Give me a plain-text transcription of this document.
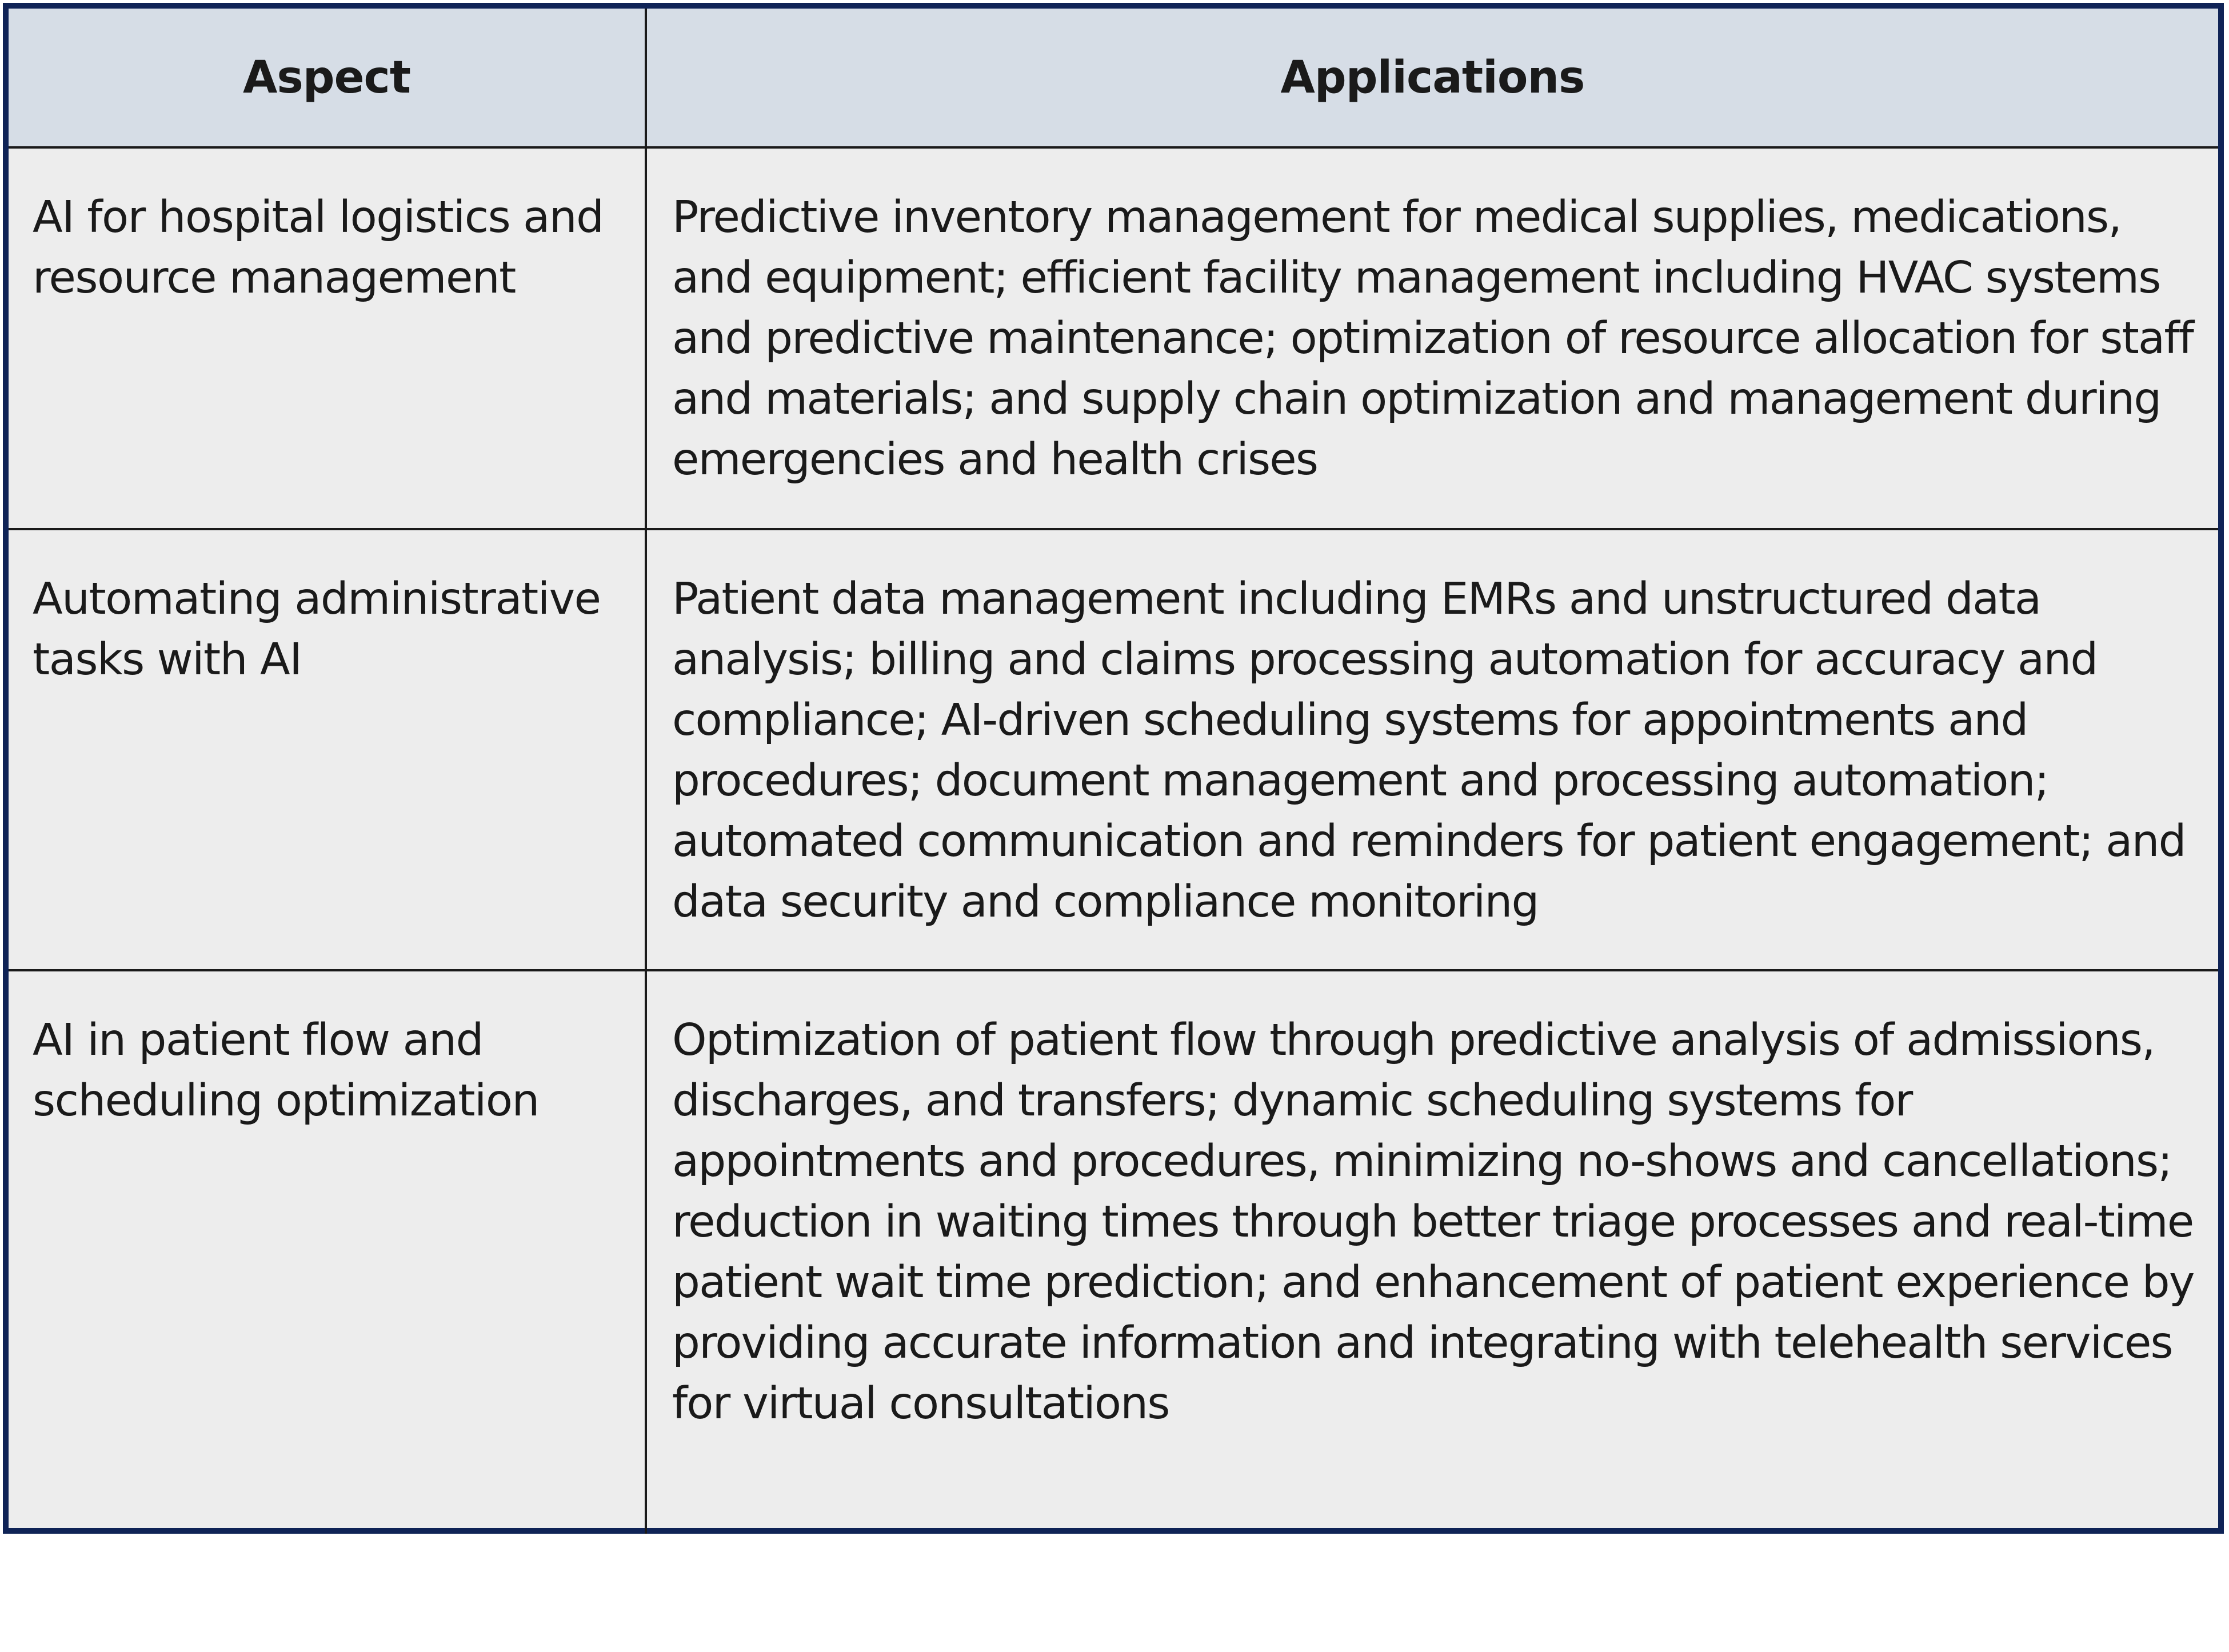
Aspect	Applications
AI for hospital logistics and resource management	Predictive inventory management for medical supplies, medications, and equipment; efficient facility management including HVAC systems and predictive maintenance; optimization of resource allocation for staff and materials; and supply chain optimization and management during emergencies and health crises
Automating administrative tasks with AI	Patient data management including EMRs and unstructured data analysis; billing and claims processing automation for accuracy and compliance; AI-driven scheduling systems for appointments and procedures; document management and processing automation; automated communication and reminders for patient engagement; and data security and compliance monitoring
AI in patient flow and scheduling optimization	Optimization of patient flow through predictive analysis of admissions, discharges, and transfers; dynamic scheduling systems for appointments and procedures, minimizing no-shows and cancellations; reduction in waiting times through better triage processes and real-time patient wait time prediction; and enhancement of patient experience by providing accurate information and integrating with telehealth services for virtual consultations
